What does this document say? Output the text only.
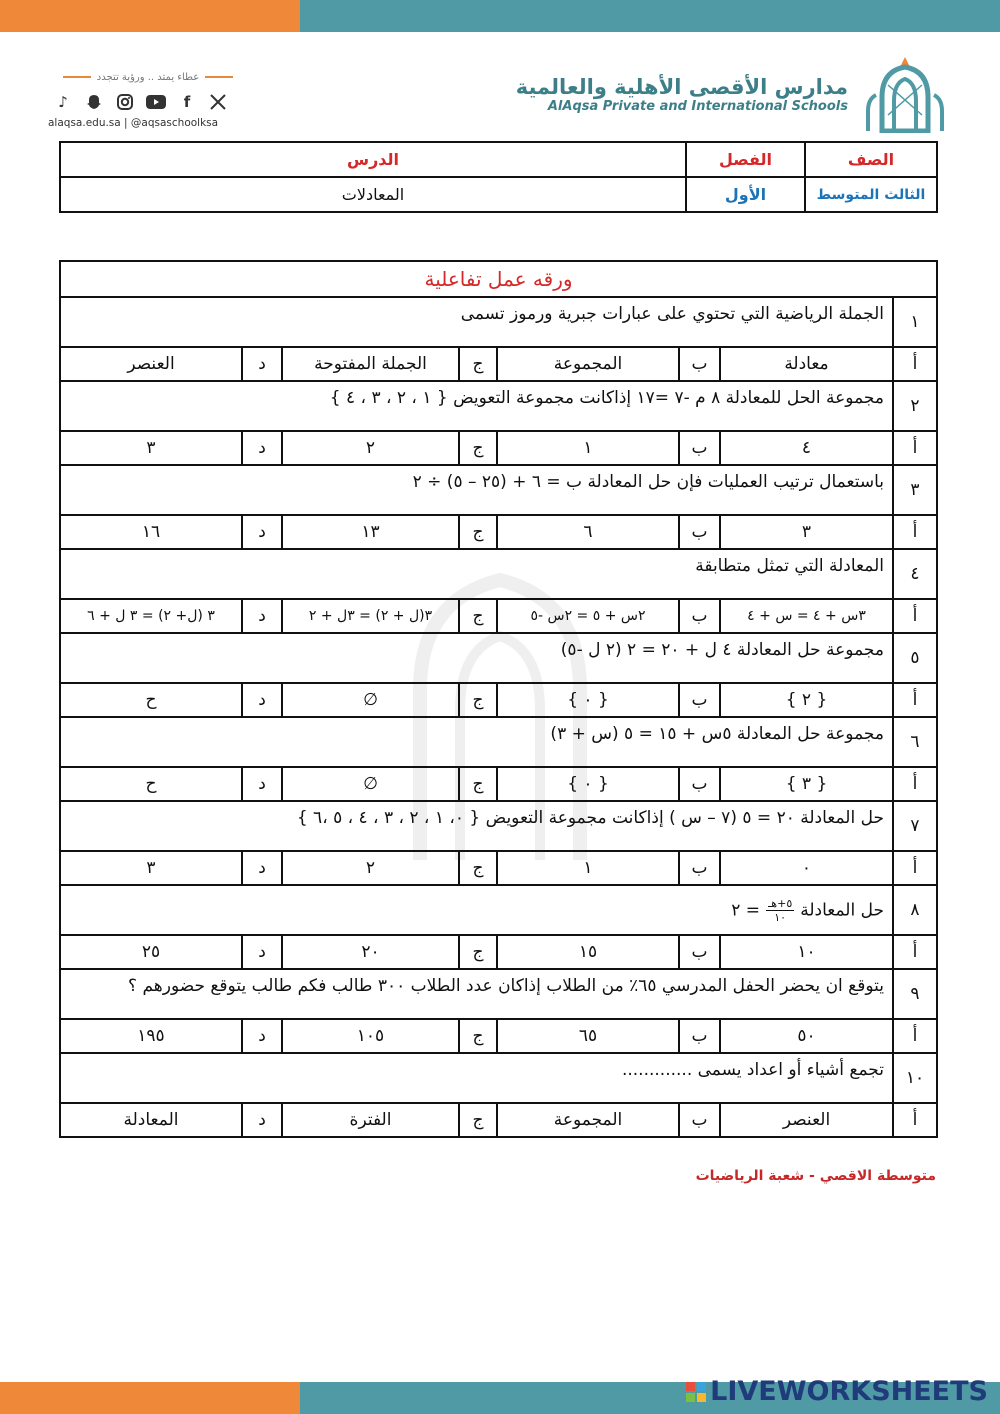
مدارس الأقصى الأهلية والعالمية
AlAqsa Private and International Schools
عطاء يمتد .. ورؤية تتجدد
♪	f
alaqsa.edu.sa | @aqsaschoolksa
الصف	الفصل	الدرس
الثالث المتوسط	الأول	المعادلات
ورقه عمل تفاعلية							
١	الجملة الرياضية التي تحتوي على عبارات جبرية ورموز تسمى						
أ	معادلة	ب	المجموعة	ج	الجملة المفتوحة	د	العنصر
٢	مجموعة الحل للمعادلة ٨ م -٧ =١٧ إذاكانت مجموعة التعويض { ١ ، ٢ ، ٣ ، ٤ }						
أ	٤	ب	١	ج	٢	د	٣
٣	باستعمال ترتيب العمليات فإن حل المعادلة ب = ٦ + (٢٥ – ٥) ÷ ٢						
أ	٣	ب	٦	ج	١٣	د	١٦
٤	المعادلة التي تمثل متطابقة						
أ	٣س + ٤ = س + ٤	ب	٢س + ٥ = ٢س -٥	ج	٣(ل + ٢) = ٣ل + ٢	د	٣ (ل+ ٢) = ٣ ل + ٦
٥	مجموعة حل المعادلة ٤ ل + ٢٠ = ٢ (٢ ل -٥)						
أ	{ ٢ }	ب	{ ٠ }	ج	∅	د	ح
٦	مجموعة حل المعادلة ٥س + ١٥ = ٥ (س + ٣)						
أ	{ ٣ }	ب	{ ٠ }	ج	∅	د	ح
٧	حل المعادلة ٢٠ = ٥ (٧ – س ) إذاكانت مجموعة التعويض { ٠، ١ ، ٢ ، ٣ ، ٤ ، ٥ ،٦ }						
أ	٠	ب	١	ج	٢	د	٣
٨	حل المعادلة
$\frac{\text{٥+هـ}}{١٠}$
= ٢						
أ	١٠	ب	١٥	ج	٢٠	د	٢٥
٩	يتوقع ان يحضر الحفل المدرسي ٦٥٪ من الطلاب إذاكان عدد الطلاب ٣٠٠ طالب فكم طالب يتوقع حضورهم ؟						
أ	٥٠	ب	٦٥	ج	١٠٥	د	١٩٥
١٠	تجمع أشياء أو اعداد يسمى .............						
أ	العنصر	ب	المجموعة	ج	الفترة	د	المعادلة
متوسطة الاقصي - شعبة الرياضيات
LIVEWORKSHEETS
